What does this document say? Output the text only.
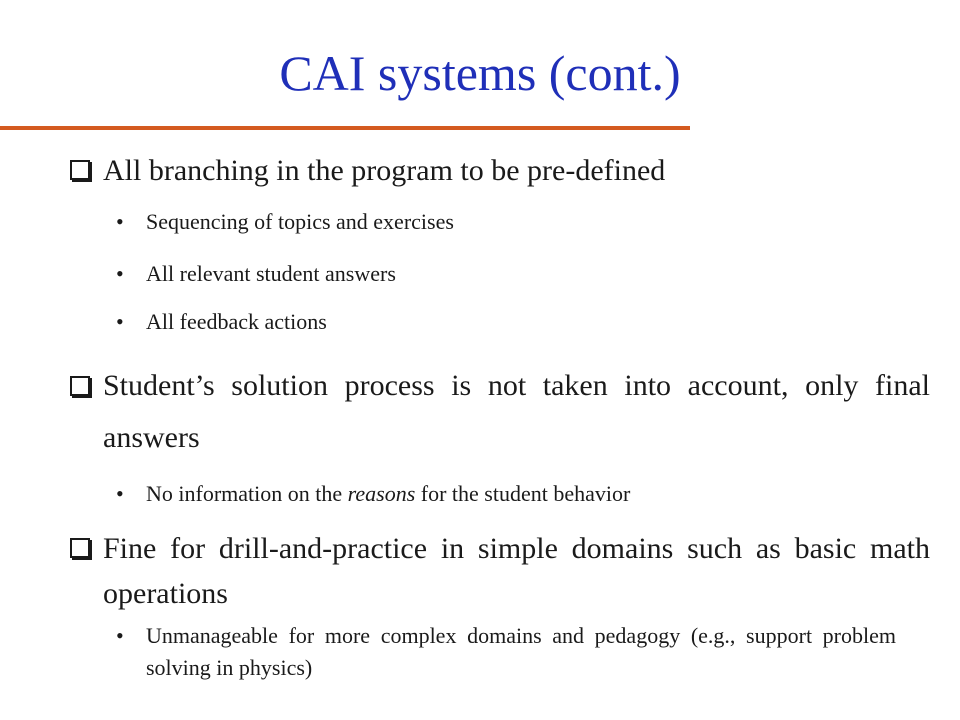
CAI systems (cont.)
All branching in the program to be pre-defined
• Sequencing of topics and exercises
• All relevant student answers
• All feedback actions
Student’s solution process is not taken into account, only final answers
• No information on the reasons for the student behavior
Fine for drill-and-practice in simple domains such as basic math operations
• Unmanageable for more complex domains and pedagogy (e.g., support problem solving in physics)
